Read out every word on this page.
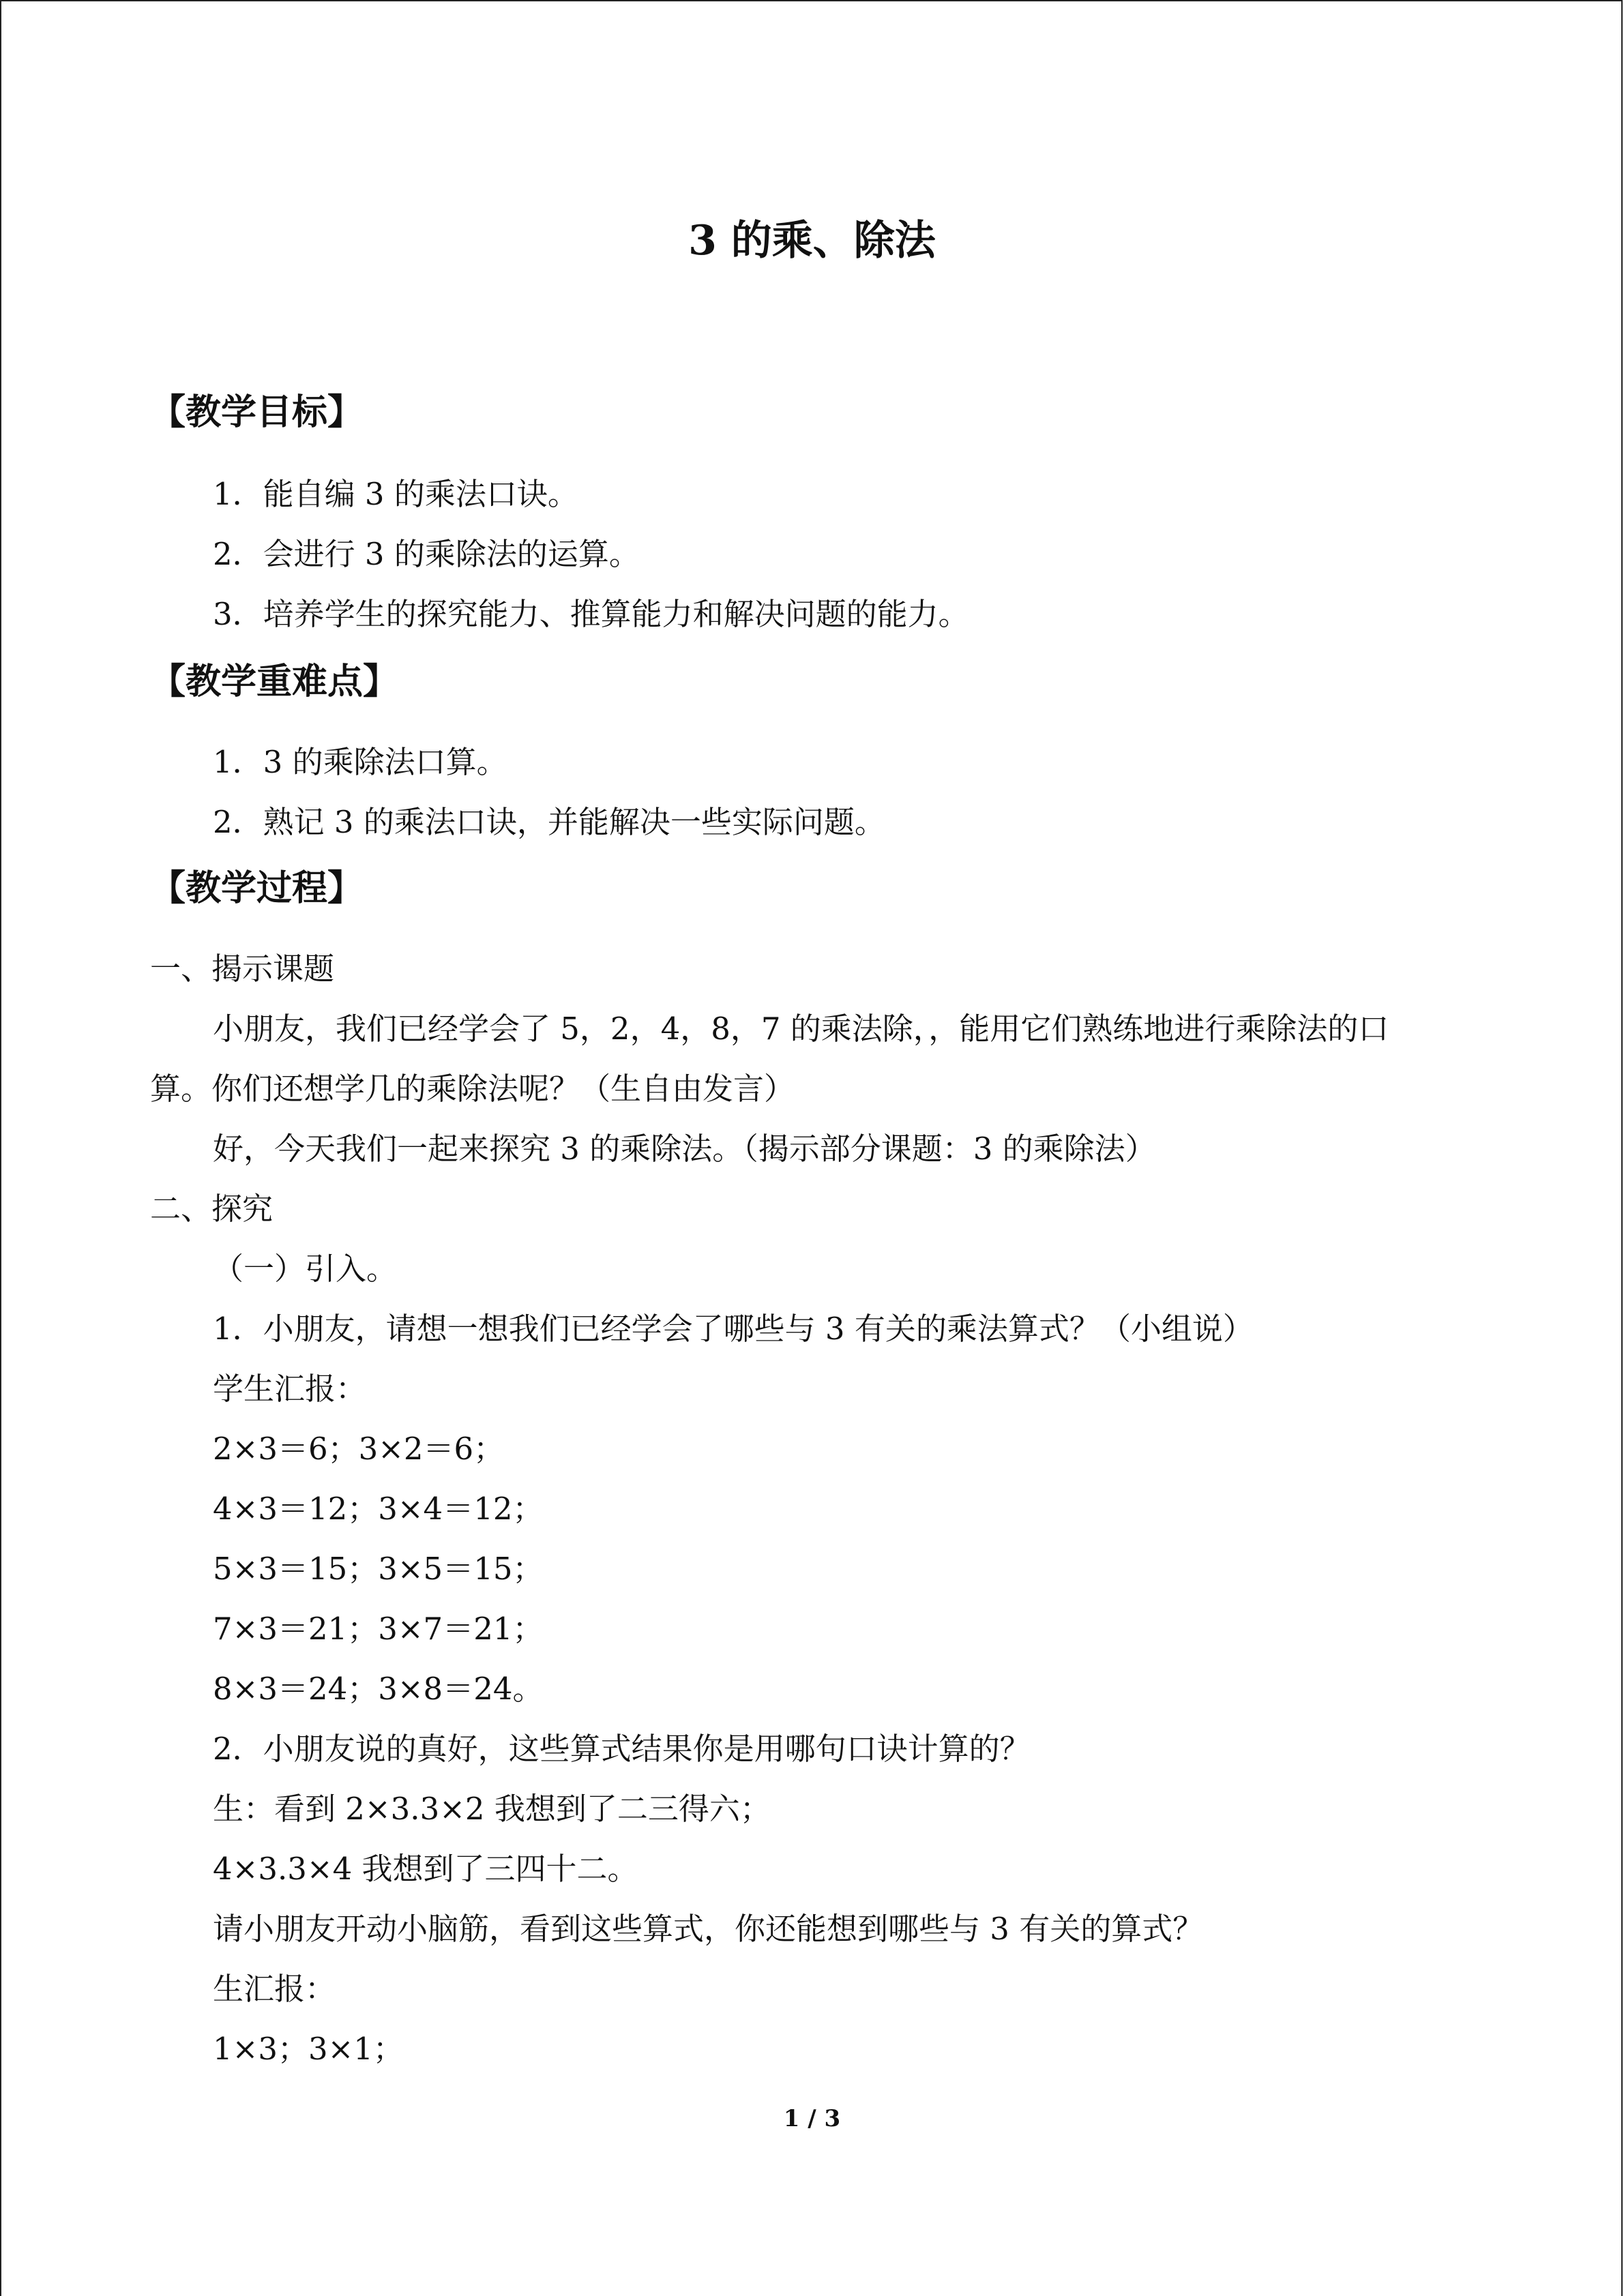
3 的乘、除法
【教学目标】
1．能自编 3 的乘法口诀。
2．会进行 3 的乘除法的运算。
3．培养学生的探究能力、推算能力和解决问题的能力。
【教学重难点】
1．3 的乘除法口算。
2．熟记 3 的乘法口诀，并能解决一些实际问题。
【教学过程】
一、揭示课题
小朋友，我们已经学会了 5，2，4，8，7 的乘法除，，能用它们熟练地进行乘除法的口
算。你们还想学几的乘除法呢？（生自由发言）
好，今天我们一起来探究 3 的乘除法。（揭示部分课题：3 的乘除法）
二、探究
（一）引入。
1．小朋友，请想一想我们已经学会了哪些与 3 有关的乘法算式？（小组说）
学生汇报：
2×3＝6；3×2＝6；
4×3＝12；3×4＝12；
5×3＝15；3×5＝15；
7×3＝21；3×7＝21；
8×3＝24；3×8＝24。
2．小朋友说的真好，这些算式结果你是用哪句口诀计算的？
生：看到 2×3.3×2 我想到了二三得六；
4×3.3×4 我想到了三四十二。
请小朋友开动小脑筋，看到这些算式，你还能想到哪些与 3 有关的算式？
生汇报：
1×3；3×1；
1 / 3
